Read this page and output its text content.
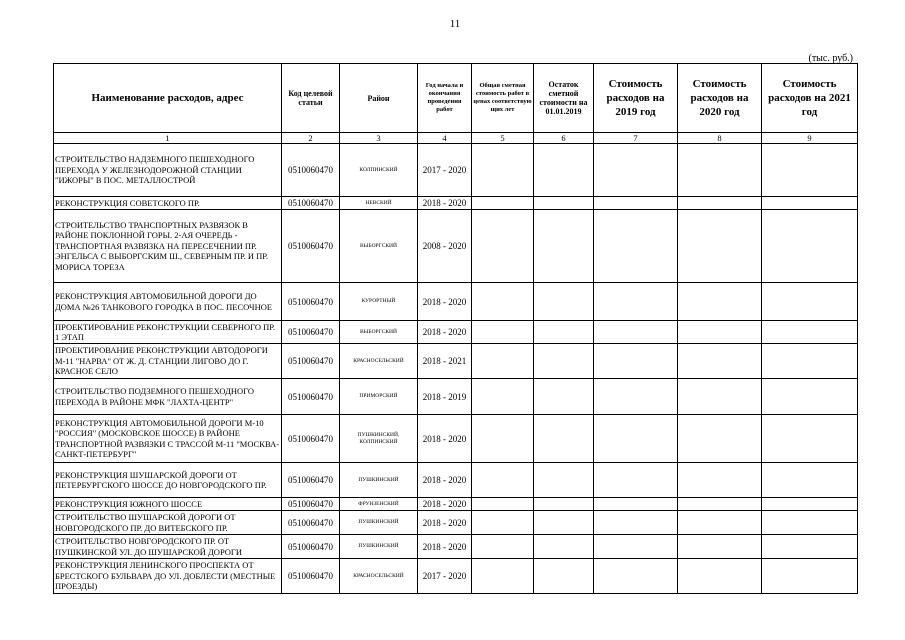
11
(тыс. руб.)
Наименование расходов, адрес	Код целевой статьи	Район	Год начала и окончания проведения работ	Общая сметная стоимость работ в ценах соответствую щих лет	Остаток сметной стоимости на 01.01.2019	Стоимость расходов на 2019 год	Стоимость расходов на 2020 год	Стоимость расходов на 2021 год
1	2	3	4	5	6	7	8	9
СТРОИТЕЛЬСТВО НАДЗЕМНОГО ПЕШЕХОДНОГО ПЕРЕХОДА У ЖЕЛЕЗНОДОРОЖНОЙ СТАНЦИИ "ИЖОРЫ" В ПОС. МЕТАЛЛОСТРОЙ	0510060470	КОЛПИНСКИЙ	2017 - 2020					
РЕКОНСТРУКЦИЯ СОВЕТСКОГО ПР.	0510060470	НЕВСКИЙ	2018 - 2020					
СТРОИТЕЛЬСТВО ТРАНСПОРТНЫХ РАЗВЯЗОК В РАЙОНЕ ПОКЛОННОЙ ГОРЫ. 2-АЯ ОЧЕРЕДЬ - ТРАНСПОРТНАЯ РАЗВЯЗКА НА ПЕРЕСЕЧЕНИИ ПР. ЭНГЕЛЬСА С ВЫБОРГСКИМ Ш., СЕВЕРНЫМ ПР. И ПР. МОРИСА ТОРЕЗА	0510060470	ВЫБОРГСКИЙ	2008 - 2020					
РЕКОНСТРУКЦИЯ АВТОМОБИЛЬНОЙ ДОРОГИ ДО ДОМА №26 ТАНКОВОГО ГОРОДКА В ПОС. ПЕСОЧНОЕ	0510060470	КУРОРТНЫЙ	2018 - 2020					
ПРОЕКТИРОВАНИЕ РЕКОНСТРУКЦИИ СЕВЕРНОГО ПР. 1 ЭТАП	0510060470	ВЫБОРГСКИЙ	2018 - 2020					
ПРОЕКТИРОВАНИЕ РЕКОНСТРУКЦИИ АВТОДОРОГИ М-11 "НАРВА" ОТ Ж. Д. СТАНЦИИ ЛИГОВО ДО Г. КРАСНОЕ СЕЛО	0510060470	КРАСНОСЕЛЬСКИЙ	2018 - 2021					
СТРОИТЕЛЬСТВО ПОДЗЕМНОГО ПЕШЕХОДНОГО ПЕРЕХОДА В РАЙОНЕ МФК "ЛАХТА-ЦЕНТР"	0510060470	ПРИМОРСКИЙ	2018 - 2019					
РЕКОНСТРУКЦИЯ АВТОМОБИЛЬНОЙ ДОРОГИ М-10 "РОССИЯ" (МОСКОВСКОЕ ШОССЕ) В РАЙОНЕ ТРАНСПОРТНОЙ РАЗВЯЗКИ С ТРАССОЙ М-11 "МОСКВА-САНКТ-ПЕТЕРБУРГ"	0510060470	ПУШКИНСКИЙ, КОЛПИНСКИЙ	2018 - 2020					
РЕКОНСТРУКЦИЯ ШУШАРСКОЙ ДОРОГИ ОТ ПЕТЕРБУРГСКОГО ШОССЕ ДО НОВГОРОДСКОГО ПР.	0510060470	ПУШКИНСКИЙ	2018 - 2020					
РЕКОНСТРУКЦИЯ ЮЖНОГО ШОССЕ	0510060470	ФРУНЗЕНСКИЙ	2018 - 2020					
СТРОИТЕЛЬСТВО ШУШАРСКОЙ ДОРОГИ ОТ НОВГОРОДСКОГО ПР. ДО ВИТЕБСКОГО ПР.	0510060470	ПУШКИНСКИЙ	2018 - 2020					
СТРОИТЕЛЬСТВО НОВГОРОДСКОГО ПР. ОТ ПУШКИНСКОЙ УЛ. ДО ШУШАРСКОЙ ДОРОГИ	0510060470	ПУШКИНСКИЙ	2018 - 2020					
РЕКОНСТРУКЦИЯ ЛЕНИНСКОГО ПРОСПЕКТА ОТ БРЕСТСКОГО БУЛЬВАРА ДО УЛ. ДОБЛЕСТИ (МЕСТНЫЕ ПРОЕЗДЫ)	0510060470	КРАСНОСЕЛЬСКИЙ	2017 - 2020					
